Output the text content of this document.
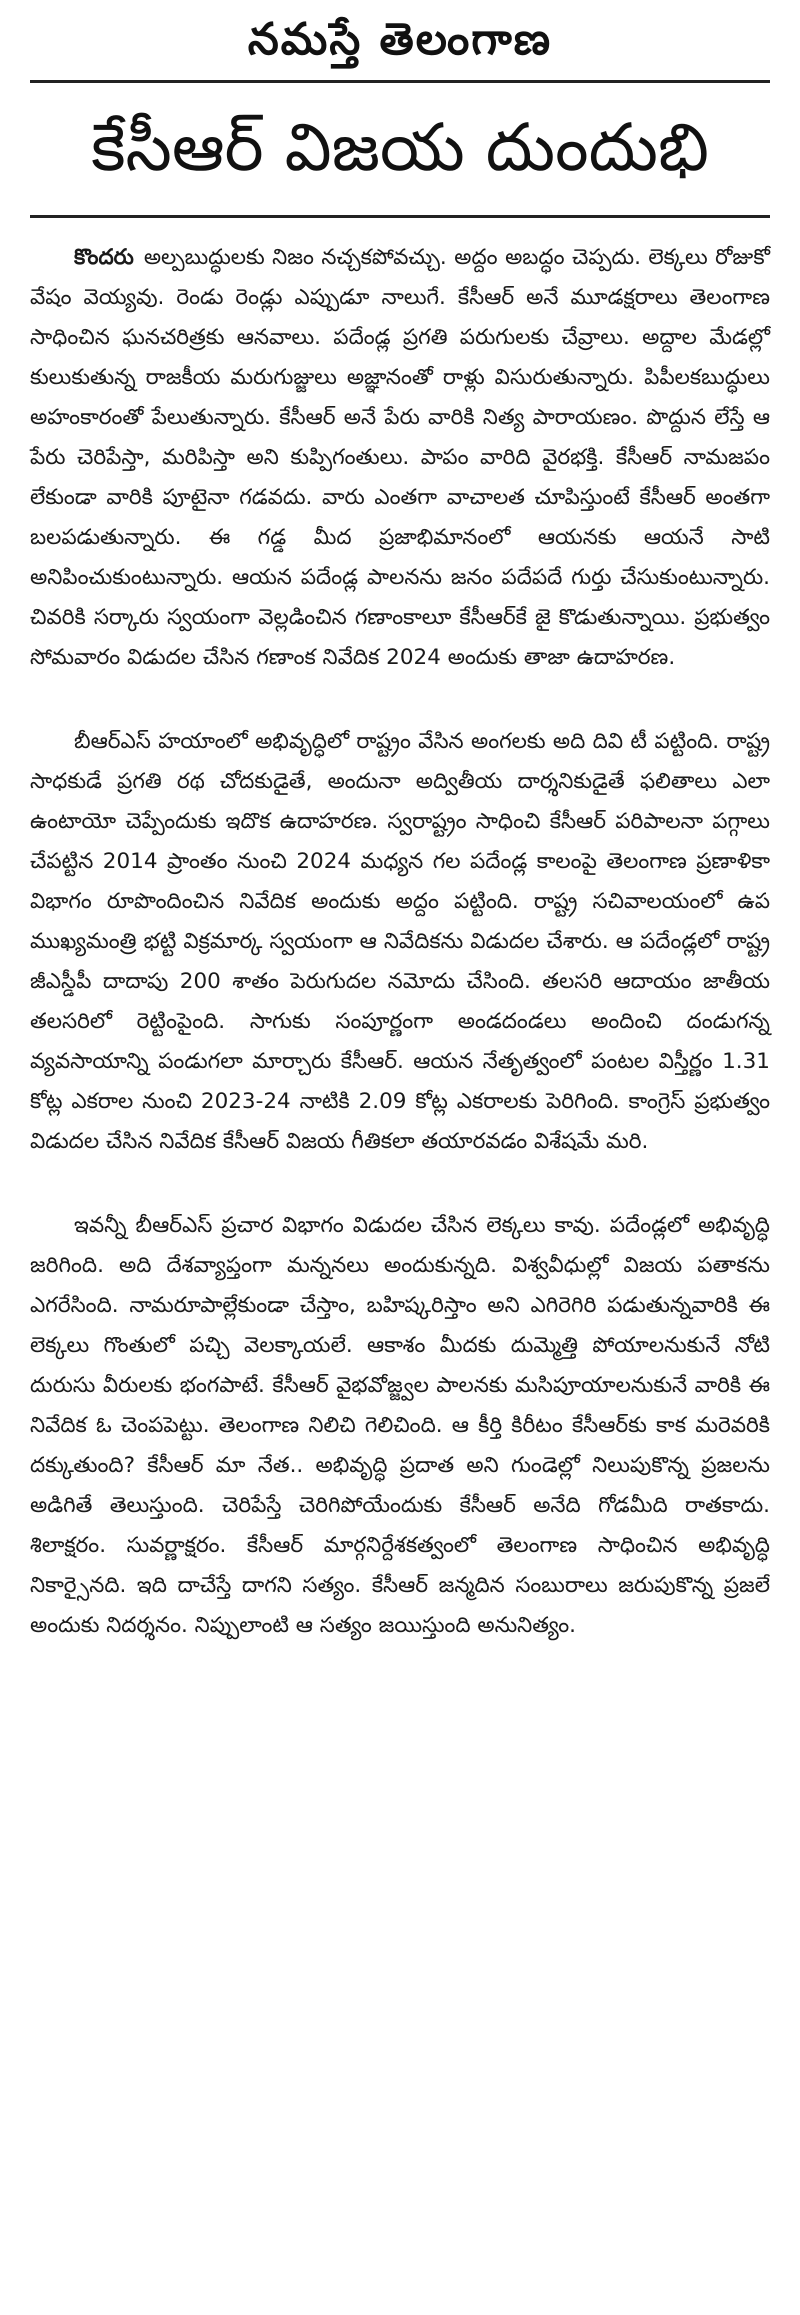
నమస్తే తెలంగాణ
కేసీఆర్ విజయ దుందుభి

కొందరు అల్పబుద్ధులకు నిజం నచ్చకపోవచ్చు. అద్దం అబద్ధం చెప్పదు. లెక్కలు రోజుకో వేషం వెయ్యవు. రెండు రెండ్లు ఎప్పుడూ నాలుగే. కేసీఆర్ అనే మూడక్షరాలు తెలంగాణ సాధించిన ఘనచరిత్రకు ఆనవాలు. పదేండ్ల ప్రగతి పరుగులకు చేవ్రాలు. అద్దాల మేడల్లో కులుకుతున్న రాజకీయ మరుగుజ్జులు అజ్ఞానంతో రాళ్లు విసురుతున్నారు. పిపీలకబుద్ధులు అహంకారంతో పేలుతున్నారు. కేసీఆర్ అనే పేరు వారికి నిత్య పారాయణం. పొద్దున లేస్తే ఆ పేరు చెరిపేస్తా, మరిపిస్తా అని కుప్పిగంతులు. పాపం వారిది వైరభక్తి. కేసీఆర్ నామజపం లేకుండా వారికి పూటైనా గడవదు. వారు ఎంతగా వాచాలత చూపిస్తుంటే కేసీఆర్ అంతగా బలపడుతున్నారు. ఈ గడ్డ మీద ప్రజాభిమానంలో ఆయనకు ఆయనే సాటి అనిపించుకుంటున్నారు. ఆయన పదేండ్ల పాలనను జనం పదేపదే గుర్తు చేసుకుంటున్నారు. చివరికి సర్కారు స్వయంగా వెల్లడించిన గణాంకాలూ కేసీఆర్‌కే జై కొడుతున్నాయి. ప్రభుత్వం సోమవారం విడుదల చేసిన గణాంక నివేదిక 2024 అందుకు తాజా ఉదాహరణ.

బీఆర్ఎస్ హయాంలో అభివృద్ధిలో రాష్ట్రం వేసిన అంగలకు అది దివి టీ పట్టింది. రాష్ట్ర సాధకుడే ప్రగతి రథ చోదకుడైతే, అందునా అద్వితీయ దార్శనికుడైతే ఫలితాలు ఎలా ఉంటాయో చెప్పేందుకు ఇదొక ఉదాహరణ. స్వరాష్ట్రం సాధించి కేసీఆర్ పరిపాలనా పగ్గాలు చేపట్టిన 2014 ప్రాంతం నుంచి 2024 మధ్యన గల పదేండ్ల కాలంపై తెలంగాణ ప్రణాళికా విభాగం రూపొందించిన నివేదిక అందుకు అద్దం పట్టింది. రాష్ట్ర సచివాలయంలో ఉప ముఖ్యమంత్రి భట్టి విక్రమార్క స్వయంగా ఆ నివేదికను విడుదల చేశారు. ఆ పదేండ్లలో రాష్ట్ర జీఎస్డీపీ దాదాపు 200 శాతం పెరుగుదల నమోదు చేసింది. తలసరి ఆదాయం జాతీయ తలసరిలో రెట్టింపైంది. సాగుకు సంపూర్ణంగా అండదండలు అందించి దండుగన్న వ్యవసాయాన్ని పండుగలా మార్చారు కేసీఆర్. ఆయన నేతృత్వంలో పంటల విస్తీర్ణం 1.31 కోట్ల ఎకరాల నుంచి 2023-24 నాటికి 2.09 కోట్ల ఎకరాలకు పెరిగింది. కాంగ్రెస్ ప్రభుత్వం విడుదల చేసిన నివేదిక కేసీఆర్ విజయ గీతికలా తయారవడం విశేషమే మరి.

ఇవన్నీ బీఆర్ఎస్ ప్రచార విభాగం విడుదల చేసిన లెక్కలు కావు. పదేండ్లలో అభివృద్ధి జరిగింది. అది దేశవ్యాప్తంగా మన్ననలు అందుకున్నది. విశ్వవీధుల్లో విజయ పతాకను ఎగరేసింది. నామరూపాల్లేకుండా చేస్తాం, బహిష్కరిస్తాం అని ఎగిరెగిరి పడుతున్నవారికి ఈ లెక్కలు గొంతులో పచ్చి వెలక్కాయలే. ఆకాశం మీదకు దుమ్మెత్తి పోయాలనుకునే నోటి దురుసు వీరులకు భంగపాటే. కేసీఆర్ వైభవోజ్జ్వల పాలనకు మసిపూయాలనుకునే వారికి ఈ నివేదిక ఓ చెంపపెట్టు. తెలంగాణ నిలిచి గెలిచింది. ఆ కీర్తి కిరీటం కేసీఆర్‌కు కాక మరెవరికి దక్కుతుంది? కేసీఆర్ మా నేత.. అభివృద్ధి ప్రదాత అని గుండెల్లో నిలుపుకొన్న ప్రజలను అడిగితే తెలుస్తుంది. చెరిపేస్తే చెరిగిపోయేందుకు కేసీఆర్ అనేది గోడమీది రాతకాదు. శిలాక్షరం. సువర్ణాక్షరం. కేసీఆర్ మార్గనిర్దేశకత్వంలో తెలంగాణ సాధించిన అభివృద్ధి నికార్సైనది. ఇది దాచేస్తే దాగని సత్యం. కేసీఆర్ జన్మదిన సంబురాలు జరుపుకొన్న ప్రజలే అందుకు నిదర్శనం. నిప్పులాంటి ఆ సత్యం జయిస్తుంది అనునిత్యం.
